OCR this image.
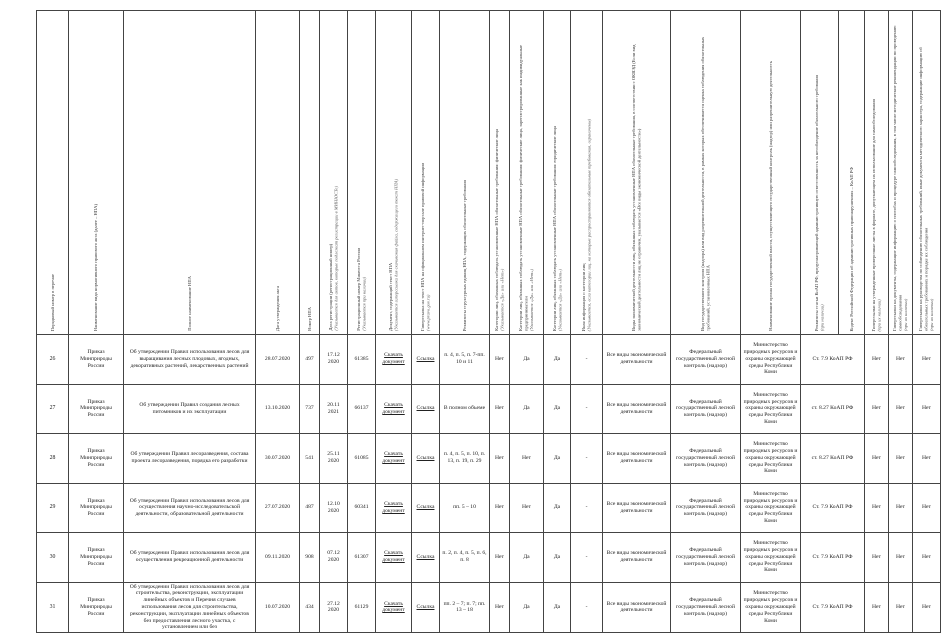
Порядковый номер в перечне	Наименование вида нормативного правового акта (далее – НПА)	Полное наименование НПА	Дата утверждения акта	Номер НПА	Дата регистрации (регистрационный номер) (Указывается для актов, которые подлежат регистрации в МИНЮСТе)	Регистрационный номер Минюста России (Указывается при наличии)	Документ, содержащий текст НПА (Указывается гиперссылка для скачивания файла, содержащего текст НПА)	Гиперссылка на текст НПА на официальном интернет-портале правовой информации (www.pravo.gov.ru)	Реквизиты структурных единиц НПА, содержащих обязательные требования	Категории лиц, обязанных соблюдать установленные НПА обязательные требования: физические лица (Указывается «Да» или «Нет»)	Категории лиц, обязанных соблюдать установленные НПА обязательные требования: физические лица, зарегистрированные как индивидуальные предприниматели (Указывается «Да» или «Нет»)	Категории лиц, обязанных соблюдать установленные НПА обязательные требования: юридические лица (Указывается «Да» или «Нет»)	Иная информация о категории лиц (Указывается, если категории лиц, на которые распространяются обязательные требования, ограничены)	Виды экономической деятельности лиц, обязанных соблюдать установленные НПА обязательные требования, в соответствии с ОКВЭД (Если вид экономической деятельности лиц не ограничен, указывается «Все виды экономической деятельности»)	Вид государственного контроля (надзора) или вид разрешительной деятельности, в рамках которых обеспечивается оценка соблюдения обязательных требований, установленных НПА	Наименование органа государственной власти, осуществляющего государственный контроль (надзор) или разрешительную деятельность	Реквизиты статьи КоАП РФ, предусматривающей административную ответственность за несоблюдение обязательного требования (при наличии)	Кодекс Российской Федерации об административных правонарушениях – КоАП РФ	Гиперссылки на утвержденные проверочные листы в формате, допускающем их использование для самообследования (при их наличии)	Гиперссылки на документы, содержащие информацию о способах и процедуре самообследования, в том числе методические рекомендации по проведению самообследования (при их наличии)	Гиперссылки на руководства по соблюдению обязательных требований, иные документы методического характера, содержащие информацию об обязательных требованиях и порядке их соблюдения (при их наличии)

26	Приказ Минприроды России	Об утверждении Правил использования лесов для выращивания лесных плодовых, ягодных, декоративных растений, лекарственных растений	28.07.2020	497	17.12 2020	61385	Скачать документ	Ссылка	п. 4, п. 5, п. 7-пп. 10 и 11	Нет	Да	Да	-	Все виды экономической деятельности	Федеральный государственный лесной контроль (надзор)	Министерство природных ресурсов и охраны окружающей среды Республики Коми	Ст. 7.9 КоАП РФ		Нет	Нет	Нет
27	Приказ Минприроды России	Об утверждении Правил создания лесных питомников и их эксплуатации	13.10.2020	737	20.11 2021	66137	Скачать документ	Ссылка	В полном объеме	Нет	Да	Да	-	Все виды экономической деятельности	Федеральный государственный лесной контроль (надзор)	Министерство природных ресурсов и охраны окружающей среды Республики Коми	ст. 8.27 КоАП РФ		Нет	Нет	Нет
28	Приказ Минприроды России	Об утверждении Правил лесоразведения, состава проекта лесоразведения, порядка его разработки	30.07.2020	541	25.11 2020	61085	Скачать документ	Ссылка	п. 4, п. 5, п. 10, п. 13, п. 19, п. 29	Нет	Нет	Да	-	Все виды экономической деятельности	Федеральный государственный лесной контроль (надзор)	Министерство природных ресурсов и охраны окружающей среды Республики Коми	ст. 8.27 КоАП РФ		Нет	Нет	Нет
29	Приказ Минприроды России	Об утверждении Правил использования лесов для осуществления научно-исследовательской деятельности, образовательной деятельности	27.07.2020	487	12.10 2020	60341	Скачать документ	Ссылка	пп. 5 – 10	Нет	Нет	Да	-	Все виды экономической деятельности	Федеральный государственный лесной контроль (надзор)	Министерство природных ресурсов и охраны окружающей среды Республики Коми	Ст. 7.9 КоАП РФ		Нет	Нет	Нет
30	Приказ Минприроды России	Об утверждении Правил использования лесов для осуществления рекреационной деятельности	09.11.2020	908	07.12 2020	61307	Скачать документ	Ссылка	п. 2, п. 4, п. 5, п. 6, п. 8	Нет	Да	Да	-	Все виды экономической деятельности	Федеральный государственный лесной контроль (надзор)	Министерство природных ресурсов и охраны окружающей среды Республики Коми	Ст. 7.9 КоАП РФ		Нет	Нет	Нет
31	Приказ Минприроды России	Об утверждении Правил использования лесов для строительства, реконструкции, эксплуатации линейных объектов и Перечня случаев использования лесов для строительства, реконструкции, эксплуатации линейных объектов без предоставления лесного участка, с установлением или без	10.07.2020	434	27.12 2020	61129	Скачать документ	Ссылка	пп. 2 – 7; п. 7; пп. 13 – 18	Нет	Да	Да	-	Все виды экономической деятельности	Федеральный государственный лесной контроль (надзор)	Министерство природных ресурсов и охраны окружающей среды Республики Коми	Ст. 7.9 КоАП РФ		Нет	Нет	Нет
